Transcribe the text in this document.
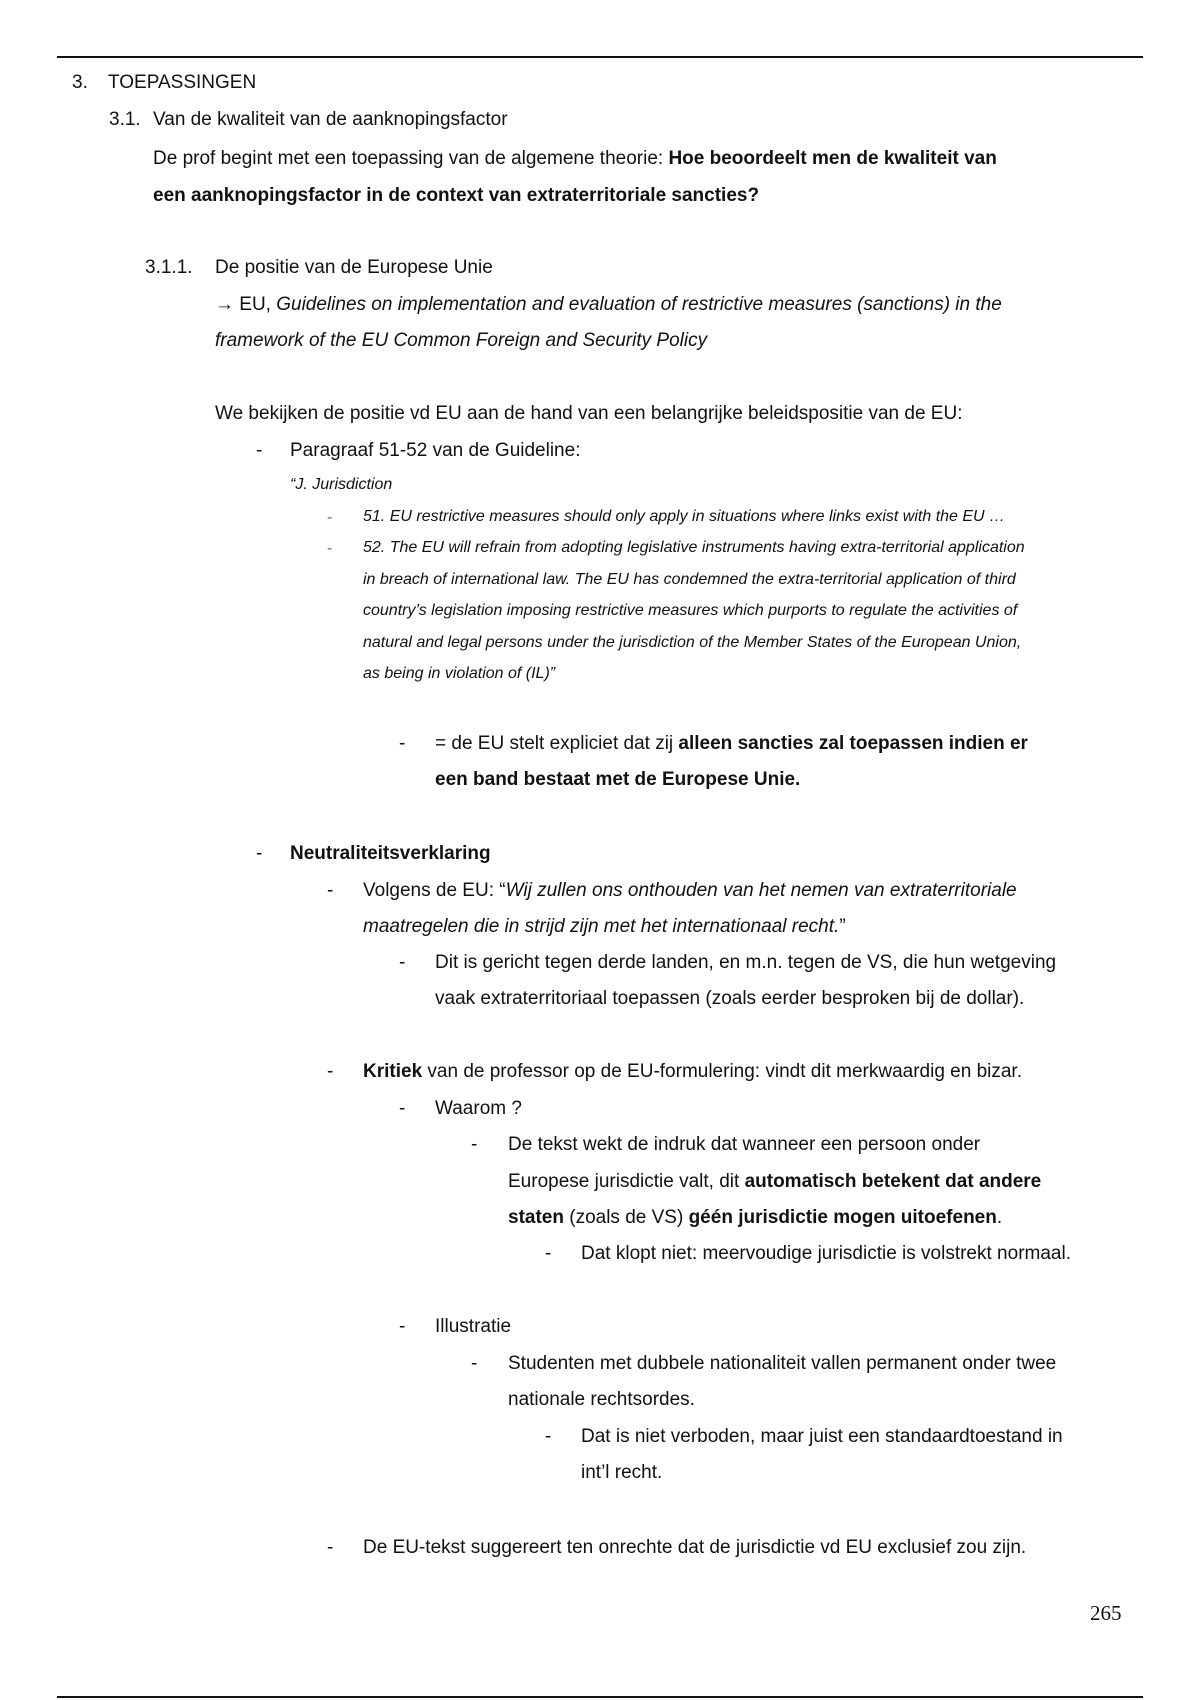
3. TOEPASSINGEN
3.1. Van de kwaliteit van de aanknopingsfactor
De prof begint met een toepassing van de algemene theorie: Hoe beoordeelt men de kwaliteit van
een aanknopingsfactor in de context van extraterritoriale sancties?
3.1.1. De positie van de Europese Unie
→ EU, Guidelines on implementation and evaluation of restrictive measures (sanctions) in the
framework of the EU Common Foreign and Security Policy
We bekijken de positie vd EU aan de hand van een belangrijke beleidspositie van de EU:
- Paragraaf 51-52 van de Guideline:
“J. Jurisdiction
- 51. EU restrictive measures should only apply in situations where links exist with the EU …
- 52. The EU will refrain from adopting legislative instruments having extra-territorial application
in breach of international law. The EU has condemned the extra-territorial application of third
country’s legislation imposing restrictive measures which purports to regulate the activities of
natural and legal persons under the jurisdiction of the Member States of the European Union,
as being in violation of (IL)”
- = de EU stelt expliciet dat zij alleen sancties zal toepassen indien er
een band bestaat met de Europese Unie.
- Neutraliteitsverklaring
- Volgens de EU: “Wij zullen ons onthouden van het nemen van extraterritoriale
maatregelen die in strijd zijn met het internationaal recht.”
- Dit is gericht tegen derde landen, en m.n. tegen de VS, die hun wetgeving
vaak extraterritoriaal toepassen (zoals eerder besproken bij de dollar).
- Kritiek van de professor op de EU-formulering: vindt dit merkwaardig en bizar.
- Waarom ?
- De tekst wekt de indruk dat wanneer een persoon onder
Europese jurisdictie valt, dit automatisch betekent dat andere
staten (zoals de VS) géén jurisdictie mogen uitoefenen.
- Dat klopt niet: meervoudige jurisdictie is volstrekt normaal.
- Illustratie
- Studenten met dubbele nationaliteit vallen permanent onder twee
nationale rechtsordes.
- Dat is niet verboden, maar juist een standaardtoestand in
int’l recht.
- De EU-tekst suggereert ten onrechte dat de jurisdictie vd EU exclusief zou zijn.
265
